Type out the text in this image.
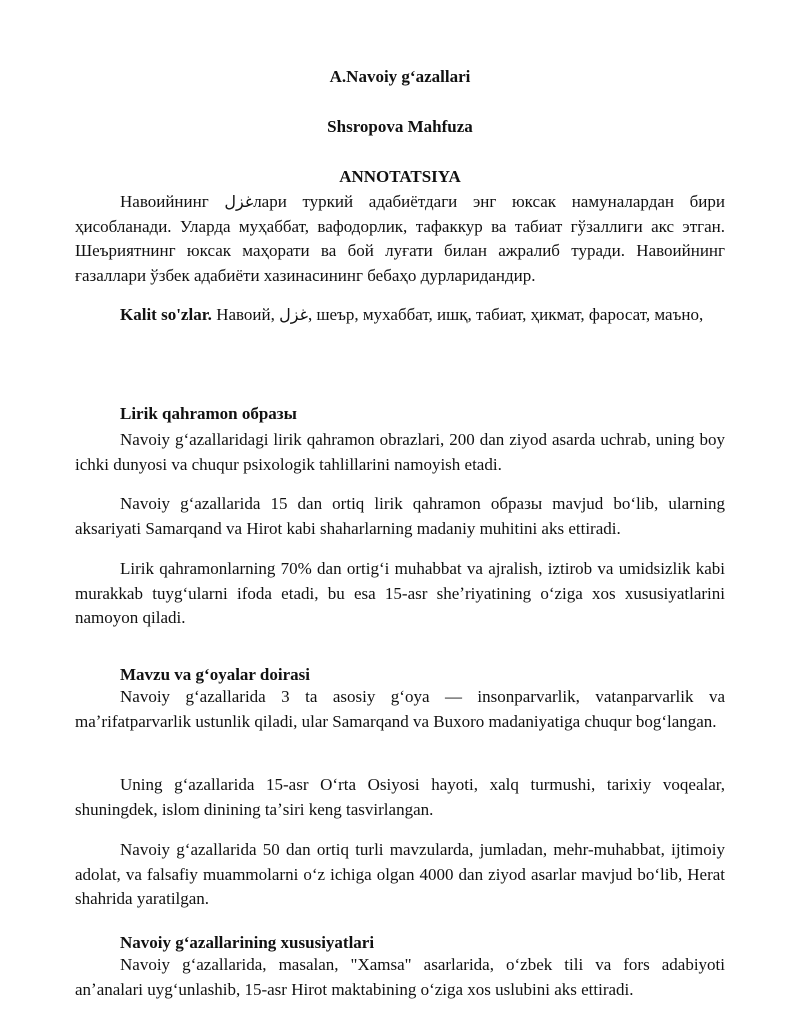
A.Navoiy gʻazallari
Shsropova Mahfuza
ANNOTATSIYA
Навоийнинг غزلлари туркий адабиётдаги энг юксак намуналардан бири ҳисобланади. Уларда муҳаббат, вафодорлик, тафаккур ва табиат гўзаллиги акс этган. Шеъриятнинг юксак маҳорати ва бой луғати билан ажралиб туради. Навоийнинг ғазаллари ўзбек адабиёти хазинасининг бебаҳо дурларидандир.
Kalit so'zlar. Навоий, غزل, шеър, мухаббат, ишқ, табиат, ҳикмат, фаросат, маъно,
Lirik qahramon образы
Navoiy gʻazallaridagi lirik qahramon obrazlari, 200 dan ziyod asarda uchrab, uning boy ichki dunyosi va chuqur psixologik tahlillarini namoyish etadi.
Navoiy gʻazallarida 15 dan ortiq lirik qahramon образы mavjud boʻlib, ularning aksariyati Samarqand va Hirot kabi shaharlarning madaniy muhitini aks ettiradi.
Lirik qahramonlarning 70% dan ortigʻi muhabbat va ajralish, iztirob va umidsizlik kabi murakkab tuygʻularni ifoda etadi, bu esa 15-asr sheʼriyatining oʻziga xos xususiyatlarini namoyon qiladi.
Mavzu va gʻoyalar doirasi
Navoiy gʻazallarida 3 ta asosiy gʻoya — insonparvarlik, vatanparvarlik va maʼrifatparvarlik ustunlik qiladi, ular Samarqand va Buxoro madaniyatiga chuqur bogʻlangan.
Uning gʻazallarida 15-asr Oʻrta Osiyosi hayoti, xalq turmushi, tarixiy voqealar, shuningdek, islom dinining taʼsiri keng tasvirlangan.
Navoiy gʻazallarida 50 dan ortiq turli mavzularda, jumladan, mehr-muhabbat, ijtimoiy adolat, va falsafiy muammolarni oʻz ichiga olgan 4000 dan ziyod asarlar mavjud boʻlib, Herat shahrida yaratilgan.
Navoiy gʻazallarining xususiyatlari
Navoiy gʻazallarida, masalan, "Xamsa" asarlarida, oʻzbek tili va fors adabiyoti anʼanalari uygʻunlashib, 15-asr Hirot maktabining oʻziga xos uslubini aks ettiradi.
